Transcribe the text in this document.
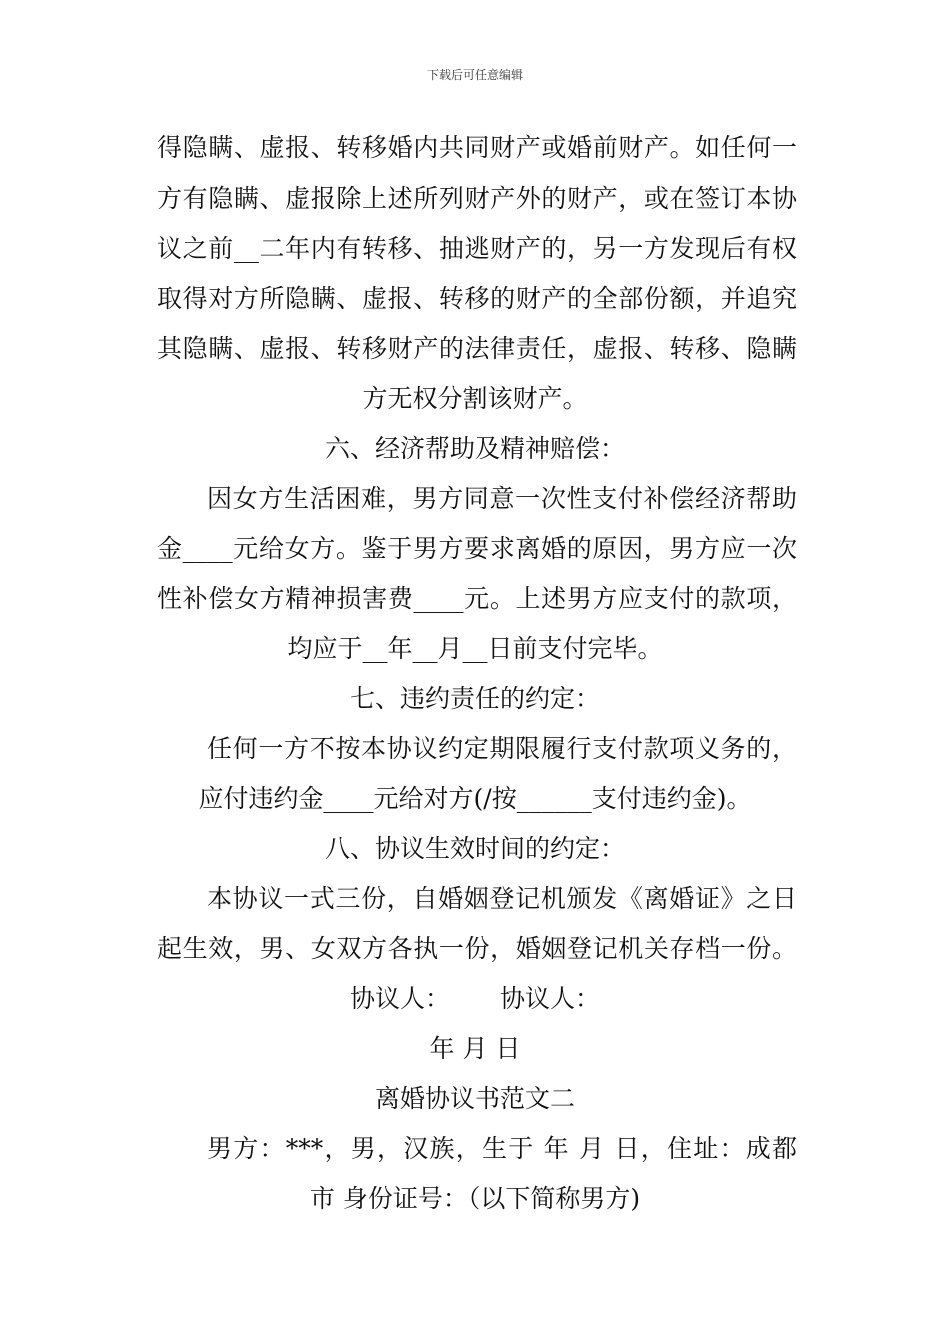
下载后可任意编辑
得隐瞒、虚报、转移婚内共同财产或婚前财产。如任何一
方有隐瞒、虚报除上述所列财产外的财产，或在签订本协
议之前__二年内有转移、抽逃财产的，另一方发现后有权
取得对方所隐瞒、虚报、转移的财产的全部份额，并追究
其隐瞒、虚报、转移财产的法律责任，虚报、转移、隐瞒
方无权分割该财产。
六、经济帮助及精神赔偿：
因女方生活困难，男方同意一次性支付补偿经济帮助
金____元给女方。鉴于男方要求离婚的原因，男方应一次
性补偿女方精神损害费____元。上述男方应支付的款项，
均应于__年__月__日前支付完毕。
七、违约责任的约定：
任何一方不按本协议约定期限履行支付款项义务的，
应付违约金____元给对方(/按______支付违约金)。
八、协议生效时间的约定：
本协议一式三份，自婚姻登记机颁发《离婚证》之日
起生效，男、女双方各执一份，婚姻登记机关存档一份。
协议人： 协议人：
年 月 日
离婚协议书范文二
男方：***，男，汉族，生于 年 月 日，住址：成都
市 身份证号：（以下简称男方)
